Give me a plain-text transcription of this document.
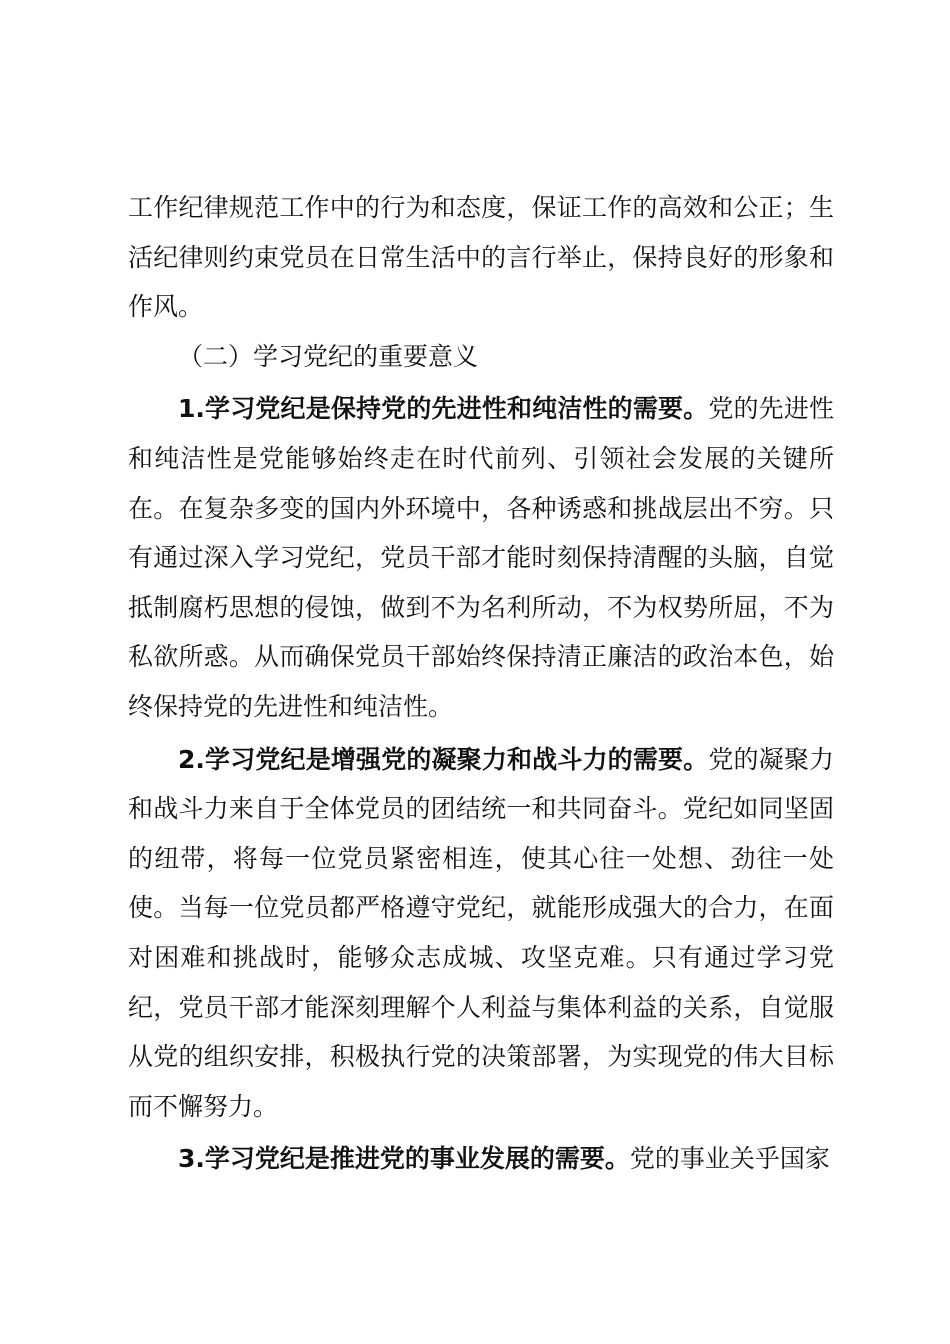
工作纪律规范工作中的行为和态度，保证工作的高效和公正；生活纪律则约束党员在日常生活中的言行举止，保持良好的形象和作风。

（二）学习党纪的重要意义

1.学习党纪是保持党的先进性和纯洁性的需要。党的先进性和纯洁性是党能够始终走在时代前列、引领社会发展的关键所在。在复杂多变的国内外环境中，各种诱惑和挑战层出不穷。只有通过深入学习党纪，党员干部才能时刻保持清醒的头脑，自觉抵制腐朽思想的侵蚀，做到不为名利所动，不为权势所屈，不为私欲所惑。从而确保党员干部始终保持清正廉洁的政治本色，始终保持党的先进性和纯洁性。

2.学习党纪是增强党的凝聚力和战斗力的需要。党的凝聚力和战斗力来自于全体党员的团结统一和共同奋斗。党纪如同坚固的纽带，将每一位党员紧密相连，使其心往一处想、劲往一处使。当每一位党员都严格遵守党纪，就能形成强大的合力，在面对困难和挑战时，能够众志成城、攻坚克难。只有通过学习党纪，党员干部才能深刻理解个人利益与集体利益的关系，自觉服从党的组织安排，积极执行党的决策部署，为实现党的伟大目标而不懈努力。

3.学习党纪是推进党的事业发展的需要。党的事业关乎国家
